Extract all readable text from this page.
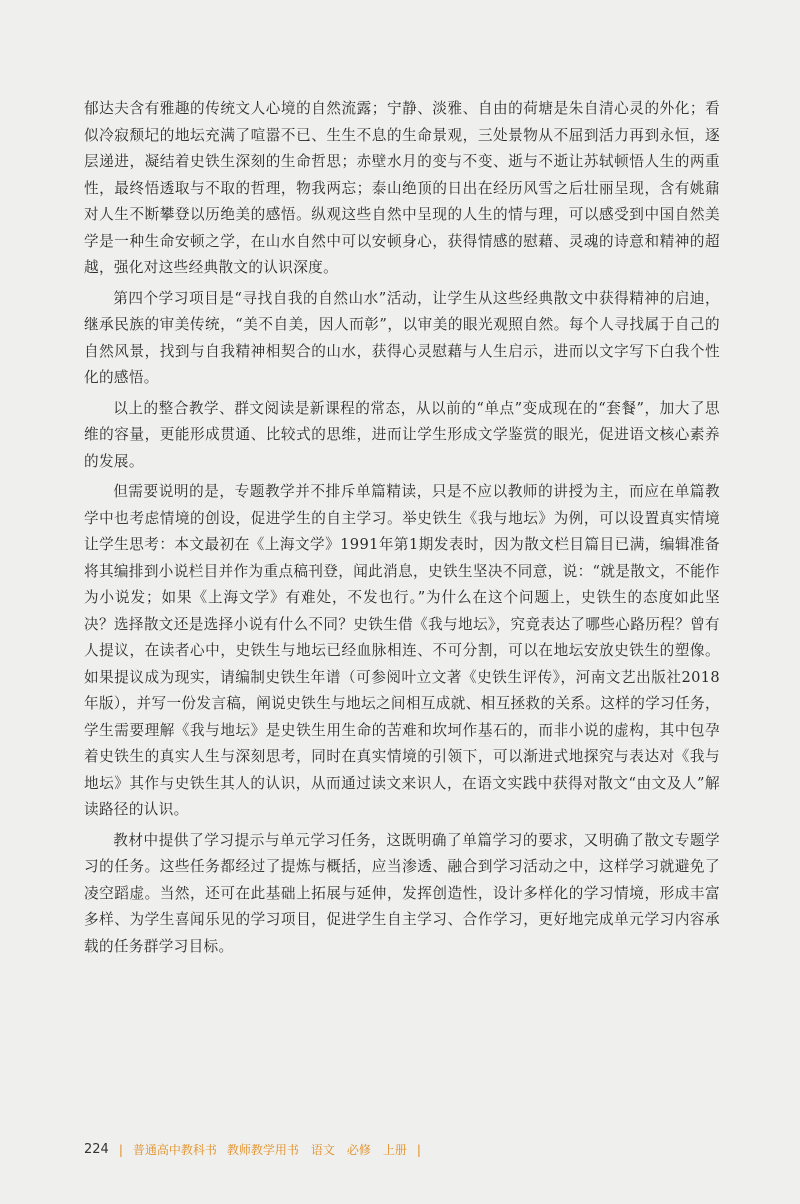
郁达夫含有雅趣的传统文人心境的自然流露；宁静、淡雅、自由的荷塘是朱自清心灵的外化；看似冷寂颓圮的地坛充满了喧嚣不已、生生不息的生命景观，三处景物从不屈到活力再到永恒，逐层递进，凝结着史铁生深刻的生命哲思；赤壁水月的变与不变、逝与不逝让苏轼顿悟人生的两重性，最终悟透取与不取的哲理，物我两忘；泰山绝顶的日出在经历风雪之后壮丽呈现，含有姚鼐对人生不断攀登以历绝美的感悟。纵观这些自然中呈现的人生的情与理，可以感受到中国自然美学是一种生命安顿之学，在山水自然中可以安顿身心，获得情感的慰藉、灵魂的诗意和精神的超越，强化对这些经典散文的认识深度。

第四个学习项目是“寻找自我的自然山水”活动，让学生从这些经典散文中获得精神的启迪，继承民族的审美传统，“美不自美，因人而彰”，以审美的眼光观照自然。每个人寻找属于自己的自然风景，找到与自我精神相契合的山水，获得心灵慰藉与人生启示，进而以文字写下白我个性化的感悟。

以上的整合教学、群文阅读是新课程的常态，从以前的“单点”变成现在的“套餐”，加大了思维的容量，更能形成贯通、比较式的思维，进而让学生形成文学鉴赏的眼光，促进语文核心素养的发展。

但需要说明的是，专题教学并不排斥单篇精读，只是不应以教师的讲授为主，而应在单篇教学中也考虑情境的创设，促进学生的自主学习。举史铁生《我与地坛》为例，可以设置真实情境让学生思考：本文最初在《上海文学》1991年第1期发表时，因为散文栏目篇目已满，编辑准备将其编排到小说栏目并作为重点稿刊登，闻此消息，史铁生坚决不同意，说：“就是散文，不能作为小说发；如果《上海文学》有难处，不发也行。”为什么在这个问题上，史铁生的态度如此坚决？选择散文还是选择小说有什么不同？史铁生借《我与地坛》，究竟表达了哪些心路历程？曾有人提议，在读者心中，史铁生与地坛已经血脉相连、不可分割，可以在地坛安放史铁生的塑像。如果提议成为现实，请编制史铁生年谱（可参阅叶立文著《史铁生评传》，河南文艺出版社2018年版），并写一份发言稿，阐说史铁生与地坛之间相互成就、相互拯救的关系。这样的学习任务，学生需要理解《我与地坛》是史铁生用生命的苦难和坎坷作基石的，而非小说的虚构，其中包孕着史铁生的真实人生与深刻思考，同时在真实情境的引领下，可以渐进式地探究与表达对《我与地坛》其作与史铁生其人的认识，从而通过读文来识人，在语文实践中获得对散文“由文及人”解读路径的认识。

教材中提供了学习提示与单元学习任务，这既明确了单篇学习的要求，又明确了散文专题学习的任务。这些任务都经过了提炼与概括，应当渗透、融合到学习活动之中，这样学习就避免了凌空蹈虚。当然，还可在此基础上拓展与延伸，发挥创造性，设计多样化的学习情境，形成丰富多样、为学生喜闻乐见的学习项目，促进学生自主学习、合作学习，更好地完成单元学习内容承载的任务群学习目标。

224 | 普通高中教科书 教师教学用书　语文　必修　上册 |
